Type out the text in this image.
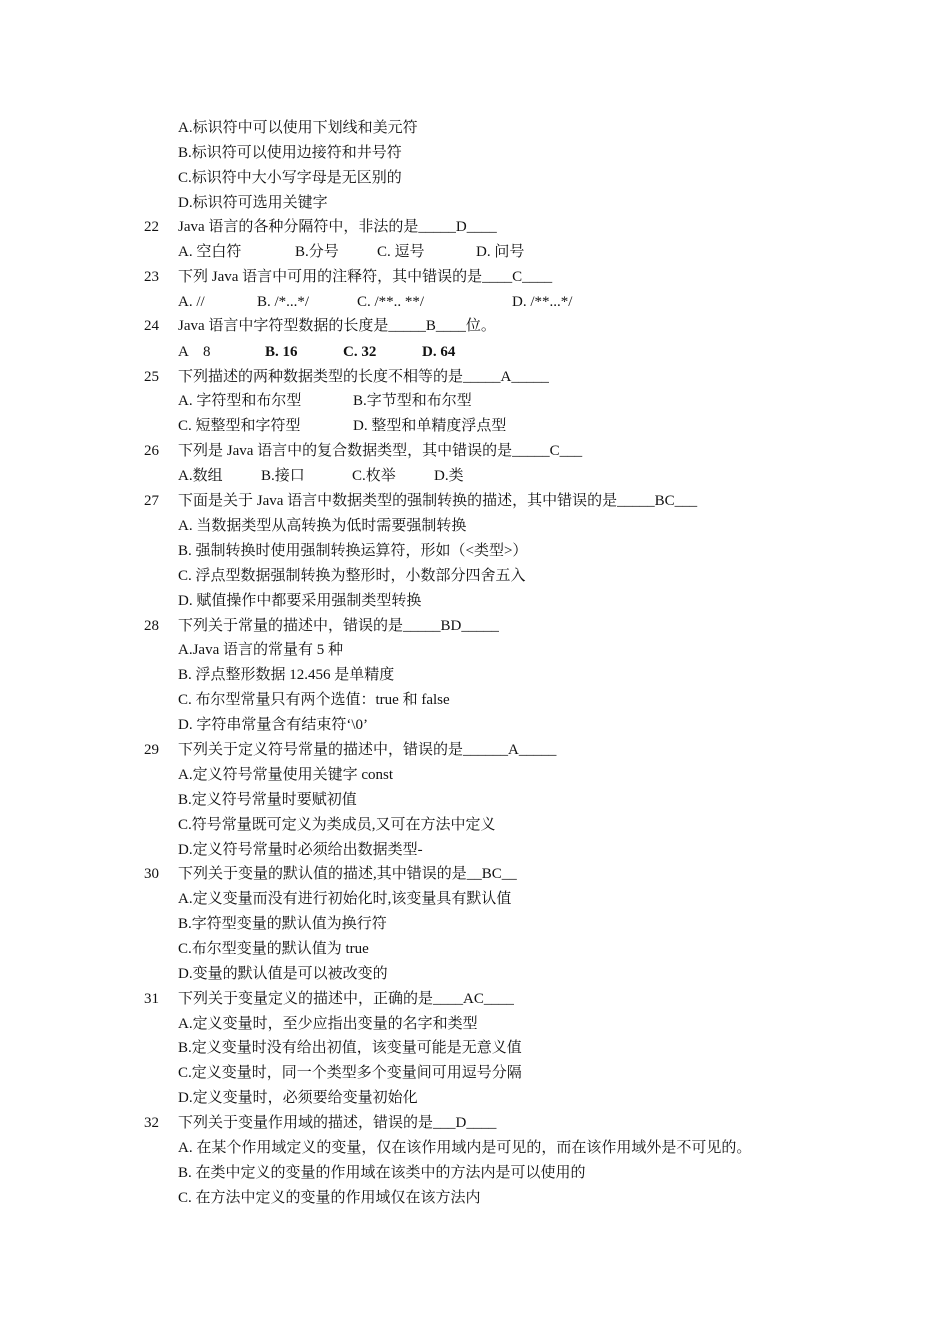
A.标识符中可以使用下划线和美元符
B.标识符可以使用边接符和井号符
C.标识符中大小写字母是无区别的
D.标识符可选用关键字
22 Java 语言的各种分隔符中，非法的是_____D____
A. 空白符	B.分号	C. 逗号	D. 问号
23 下列 Java 语言中可用的注释符，其中错误的是____C____
A. //	B. /*...*/	C. /**.. **/	D. /**...*/
24 Java 语言中字符型数据的长度是_____B____位。
A    8	B. 16	C. 32	D. 64
25 下列描述的两种数据类型的长度不相等的是_____A_____
A. 字符型和布尔型	B.字节型和布尔型
C. 短整型和字符型	D. 整型和单精度浮点型
26 下列是 Java 语言中的复合数据类型，其中错误的是_____C___
A.数组	B.接口	C.枚举	D.类
27 下面是关于 Java 语言中数据类型的强制转换的描述，其中错误的是_____BC___
A. 当数据类型从高转换为低时需要强制转换
B. 强制转换时使用强制转换运算符，形如（<类型>）
C. 浮点型数据强制转换为整形时，小数部分四舍五入
D. 赋值操作中都要采用强制类型转换
28 下列关于常量的描述中，错误的是_____BD_____
A.Java 语言的常量有 5 种
B. 浮点整形数据 12.456 是单精度
C. 布尔型常量只有两个选值：true 和 false
D. 字符串常量含有结束符‘\0’
29 下列关于定义符号常量的描述中，错误的是______A_____
A.定义符号常量使用关键字 const
B.定义符号常量时要赋初值
C.符号常量既可定义为类成员,又可在方法中定义
D.定义符号常量时必须给出数据类型-
30 下列关于变量的默认值的描述,其中错误的是__BC__
A.定义变量而没有进行初始化时,该变量具有默认值
B.字符型变量的默认值为换行符
C.布尔型变量的默认值为 true
D.变量的默认值是可以被改变的
31 下列关于变量定义的描述中，正确的是____AC____
A.定义变量时，至少应指出变量的名字和类型
B.定义变量时没有给出初值，该变量可能是无意义值
C.定义变量时，同一个类型多个变量间可用逗号分隔
D.定义变量时，必须要给变量初始化
32 下列关于变量作用域的描述，错误的是___D____
A. 在某个作用域定义的变量，仅在该作用域内是可见的，而在该作用域外是不可见的。
B. 在类中定义的变量的作用域在该类中的方法内是可以使用的
C. 在方法中定义的变量的作用域仅在该方法内
